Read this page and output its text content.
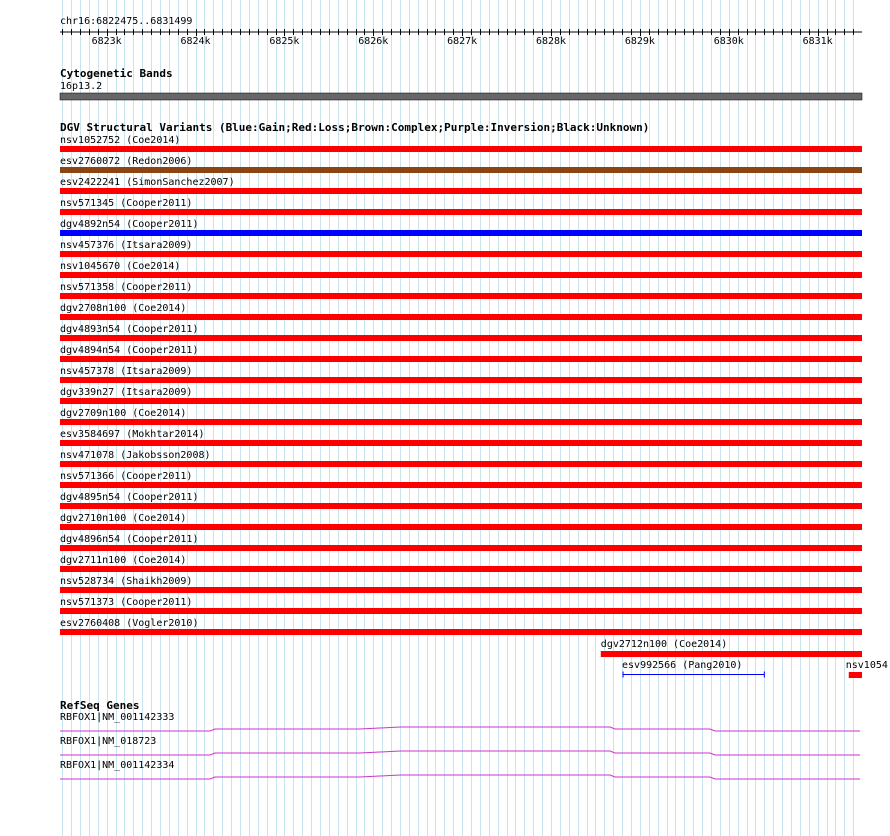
chr16:6822475..6831499
6823k	6824k	6825k	6826k	6827k	6828k	6829k	6830k	6831k
Cytogenetic Bands
16p13.2
DGV Structural Variants (Blue:Gain;Red:Loss;Brown:Complex;Purple:Inversion;Black:Unknown)
nsv1052752 (Coe2014)
esv2760072 (Redon2006)
esv2422241 (SimonSanchez2007)
nsv571345 (Cooper2011)
dgv4892n54 (Cooper2011)
nsv457376 (Itsara2009)
nsv1045670 (Coe2014)
nsv571358 (Cooper2011)
dgv2708n100 (Coe2014)
dgv4893n54 (Cooper2011)
dgv4894n54 (Cooper2011)
nsv457378 (Itsara2009)
dgv339n27 (Itsara2009)
dgv2709n100 (Coe2014)
esv3584697 (Mokhtar2014)
nsv471078 (Jakobsson2008)
nsv571366 (Cooper2011)
dgv4895n54 (Cooper2011)
dgv2710n100 (Coe2014)
dgv4896n54 (Cooper2011)
dgv2711n100 (Coe2014)
nsv528734 (Shaikh2009)
nsv571373 (Cooper2011)
esv2760408 (Vogler2010)
dgv2712n100 (Coe2014)
esv992566 (Pang2010)	nsv1054
RefSeq Genes
RBFOX1|NM_001142333
RBFOX1|NM_018723
RBFOX1|NM_001142334
